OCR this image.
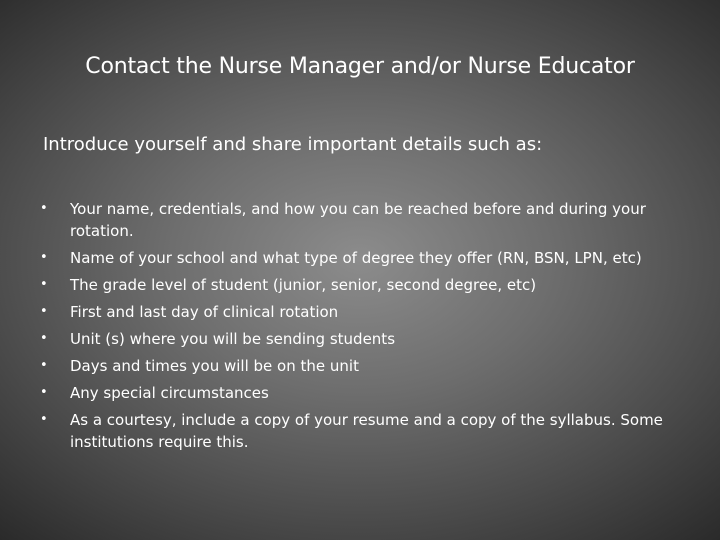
Contact the Nurse Manager and/or Nurse Educator
Introduce yourself and share important details such as:
• Your name, credentials, and how you can be reached before and during your rotation.
• Name of your school and what type of degree they offer (RN, BSN, LPN, etc)
• The grade level of student (junior, senior, second degree, etc)
• First and last day of clinical rotation
• Unit (s) where you will be sending students
• Days and times you will be on the unit
• Any special circumstances
• As a courtesy, include a copy of your resume and a copy of the syllabus. Some institutions require this.
